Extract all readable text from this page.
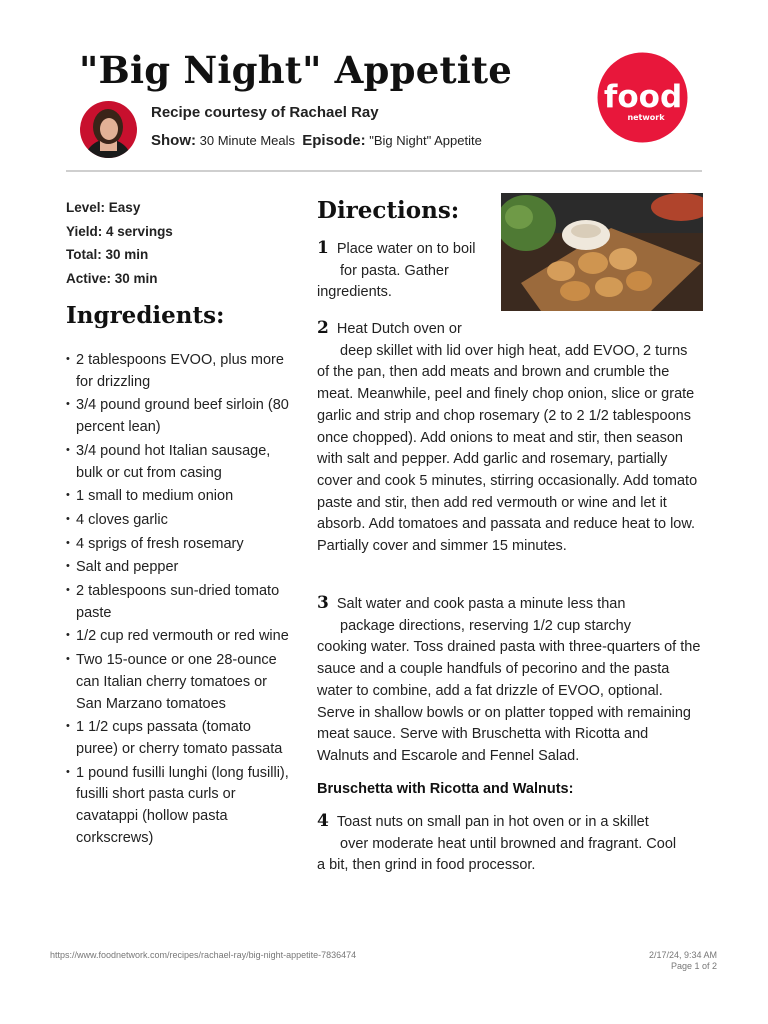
"Big Night" Appetite
Recipe courtesy of Rachael Ray
Show: 30 Minute Meals Episode: "Big Night" Appetite
food
network
Level: Easy
Yield: 4 servings
Total: 30 min
Active: 30 min
Ingredients:
• 2 tablespoons EVOO, plus more for drizzling
• 3/4 pound ground beef sirloin (80 percent lean)
• 3/4 pound hot Italian sausage, bulk or cut from casing
• 1 small to medium onion
• 4 cloves garlic
• 4 sprigs of fresh rosemary
• Salt and pepper
• 2 tablespoons sun-dried tomato paste
• 1/2 cup red vermouth or red wine
• Two 15-ounce or one 28-ounce can Italian cherry tomatoes or San Marzano tomatoes
• 1 1/2 cups passata (tomato puree) or cherry tomato passata
• 1 pound fusilli lunghi (long fusilli), fusilli short pasta curls or cavatappi (hollow pasta corkscrews)
Directions:
1 Place water on to boil
for pasta. Gather
ingredients.
2 Heat Dutch oven or
deep skillet with lid over high heat, add EVOO, 2 turns
of the pan, then add meats and brown and crumble the meat. Meanwhile, peel and finely chop onion, slice or grate garlic and strip and chop rosemary (2 to 2 1/2 tablespoons once chopped). Add onions to meat and stir, then season with salt and pepper. Add garlic and rosemary, partially cover and cook 5 minutes, stirring occasionally. Add tomato paste and stir, then add red vermouth or wine and let it absorb. Add tomatoes and passata and reduce heat to low. Partially cover and simmer 15 minutes.
3 Salt water and cook pasta a minute less than
package directions, reserving 1/2 cup starchy
cooking water. Toss drained pasta with three-quarters of the sauce and a couple handfuls of pecorino and the pasta water to combine, add a fat drizzle of EVOO, optional. Serve in shallow bowls or on platter topped with remaining meat sauce. Serve with Bruschetta with Ricotta and Walnuts and Escarole and Fennel Salad.
Bruschetta with Ricotta and Walnuts:
4 Toast nuts on small pan in hot oven or in a skillet
over moderate heat until browned and fragrant. Cool
a bit, then grind in food processor.
https://www.foodnetwork.com/recipes/rachael-ray/big-night-appetite-7836474	2/17/24, 9:34 AM
Page 1 of 2
